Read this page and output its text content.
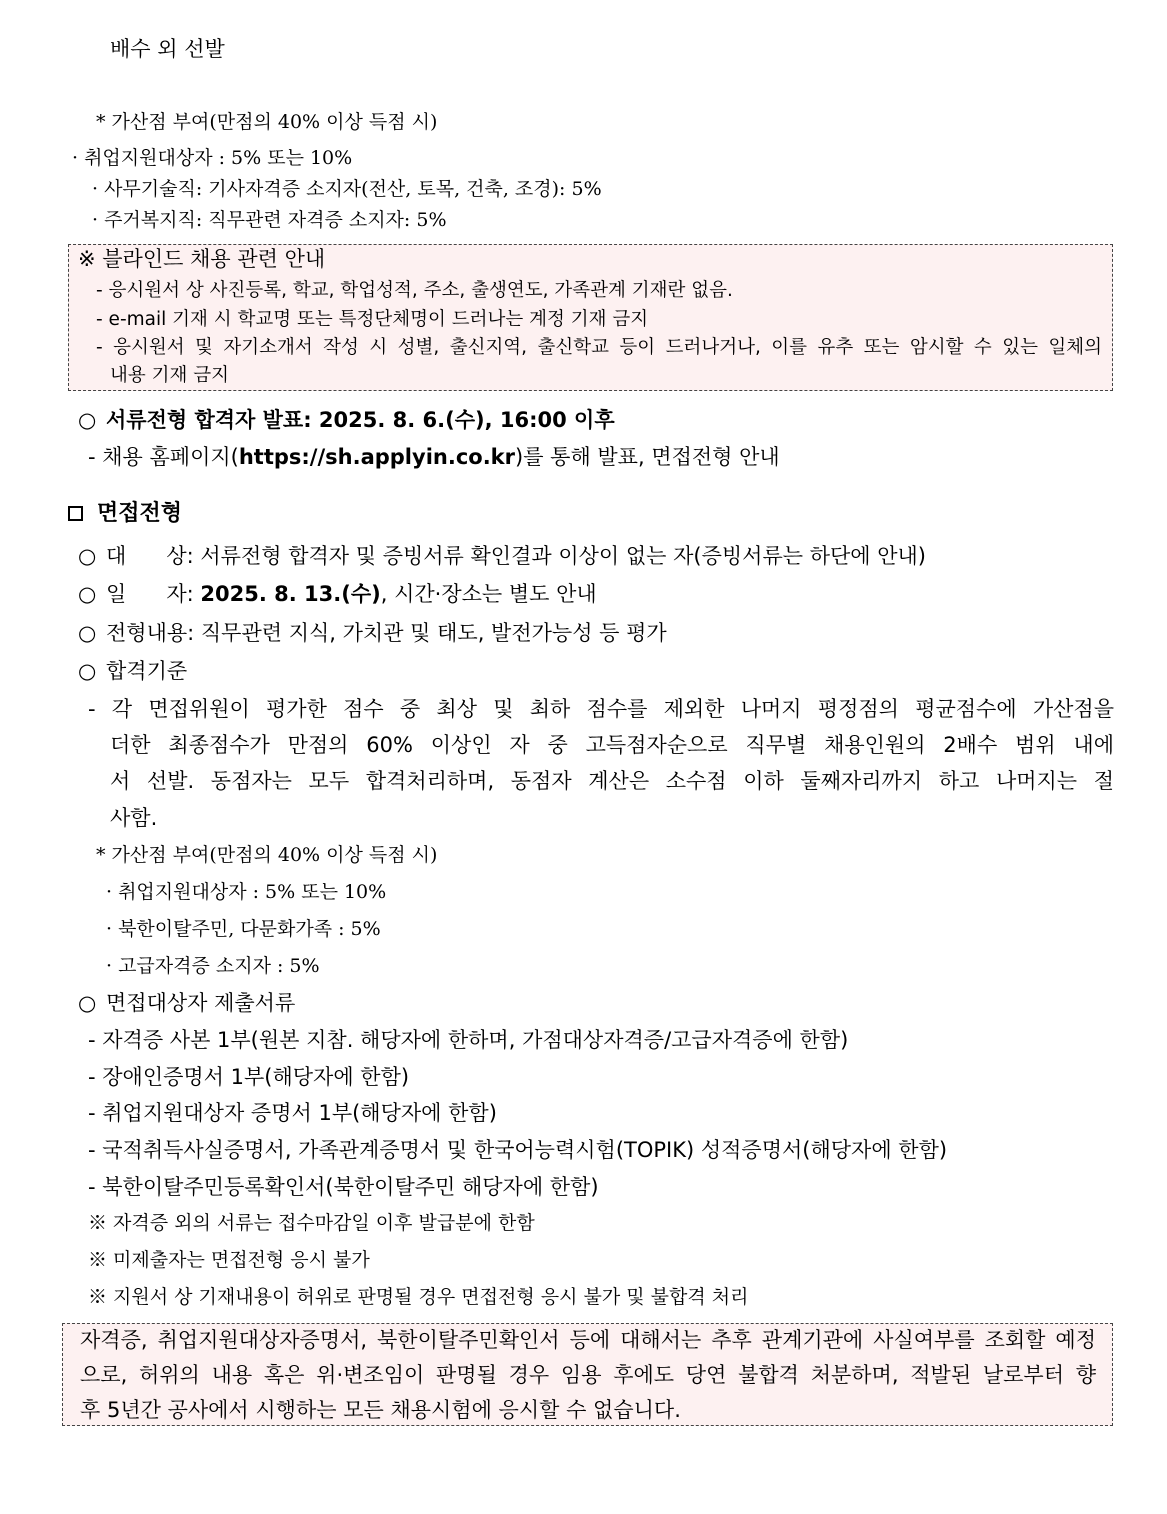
배수 외 선발
* 가산점 부여(만점의 40% 이상 득점 시)
· 취업지원대상자 : 5% 또는 10%
· 사무기술직: 기사자격증 소지자(전산, 토목, 건축, 조경): 5%
· 주거복지직: 직무관련 자격증 소지자: 5%
※ 블라인드 채용 관련 안내
- 응시원서 상 사진등록, 학교, 학업성적, 주소, 출생연도, 가족관계 기재란 없음.
- e-mail 기재 시 학교명 또는 특정단체명이 드러나는 계정 기재 금지
- 응시원서 및 자기소개서 작성 시 성별, 출신지역, 출신학교 등이 드러나거나, 이를 유추 또는 암시할 수 있는 일체의
내용 기재 금지
○ 서류전형 합격자 발표: 2025. 8. 6.(수), 16:00 이후
- 채용 홈페이지(https://sh.applyin.co.kr)를 통해 발표, 면접전형 안내
면접전형
○ 대      상: 서류전형 합격자 및 증빙서류 확인결과 이상이 없는 자(증빙서류는 하단에 안내)
○ 일      자: 2025. 8. 13.(수), 시간·장소는 별도 안내
○ 전형내용: 직무관련 지식, 가치관 및 태도, 발전가능성 등 평가
○ 합격기준
- 각 면접위원이 평가한 점수 중 최상 및 최하 점수를 제외한 나머지 평정점의 평균점수에 가산점을
더한 최종점수가 만점의 60% 이상인 자 중 고득점자순으로 직무별 채용인원의 2배수 범위 내에
서 선발. 동점자는 모두 합격처리하며, 동점자 계산은 소수점 이하 둘째자리까지 하고 나머지는 절
사함.
* 가산점 부여(만점의 40% 이상 득점 시)
· 취업지원대상자 : 5% 또는 10%
· 북한이탈주민, 다문화가족 : 5%
· 고급자격증 소지자 : 5%
○ 면접대상자 제출서류
- 자격증 사본 1부(원본 지참. 해당자에 한하며, 가점대상자격증/고급자격증에 한함)
- 장애인증명서 1부(해당자에 한함)
- 취업지원대상자 증명서 1부(해당자에 한함)
- 국적취득사실증명서, 가족관계증명서 및 한국어능력시험(TOPIK) 성적증명서(해당자에 한함)
- 북한이탈주민등록확인서(북한이탈주민 해당자에 한함)
※ 자격증 외의 서류는 접수마감일 이후 발급분에 한함
※ 미제출자는 면접전형 응시 불가
※ 지원서 상 기재내용이 허위로 판명될 경우 면접전형 응시 불가 및 불합격 처리
자격증, 취업지원대상자증명서, 북한이탈주민확인서 등에 대해서는 추후 관계기관에 사실여부를 조회할 예정
으로, 허위의 내용 혹은 위·변조임이 판명될 경우 임용 후에도 당연 불합격 처분하며, 적발된 날로부터 향
후 5년간 공사에서 시행하는 모든 채용시험에 응시할 수 없습니다.
